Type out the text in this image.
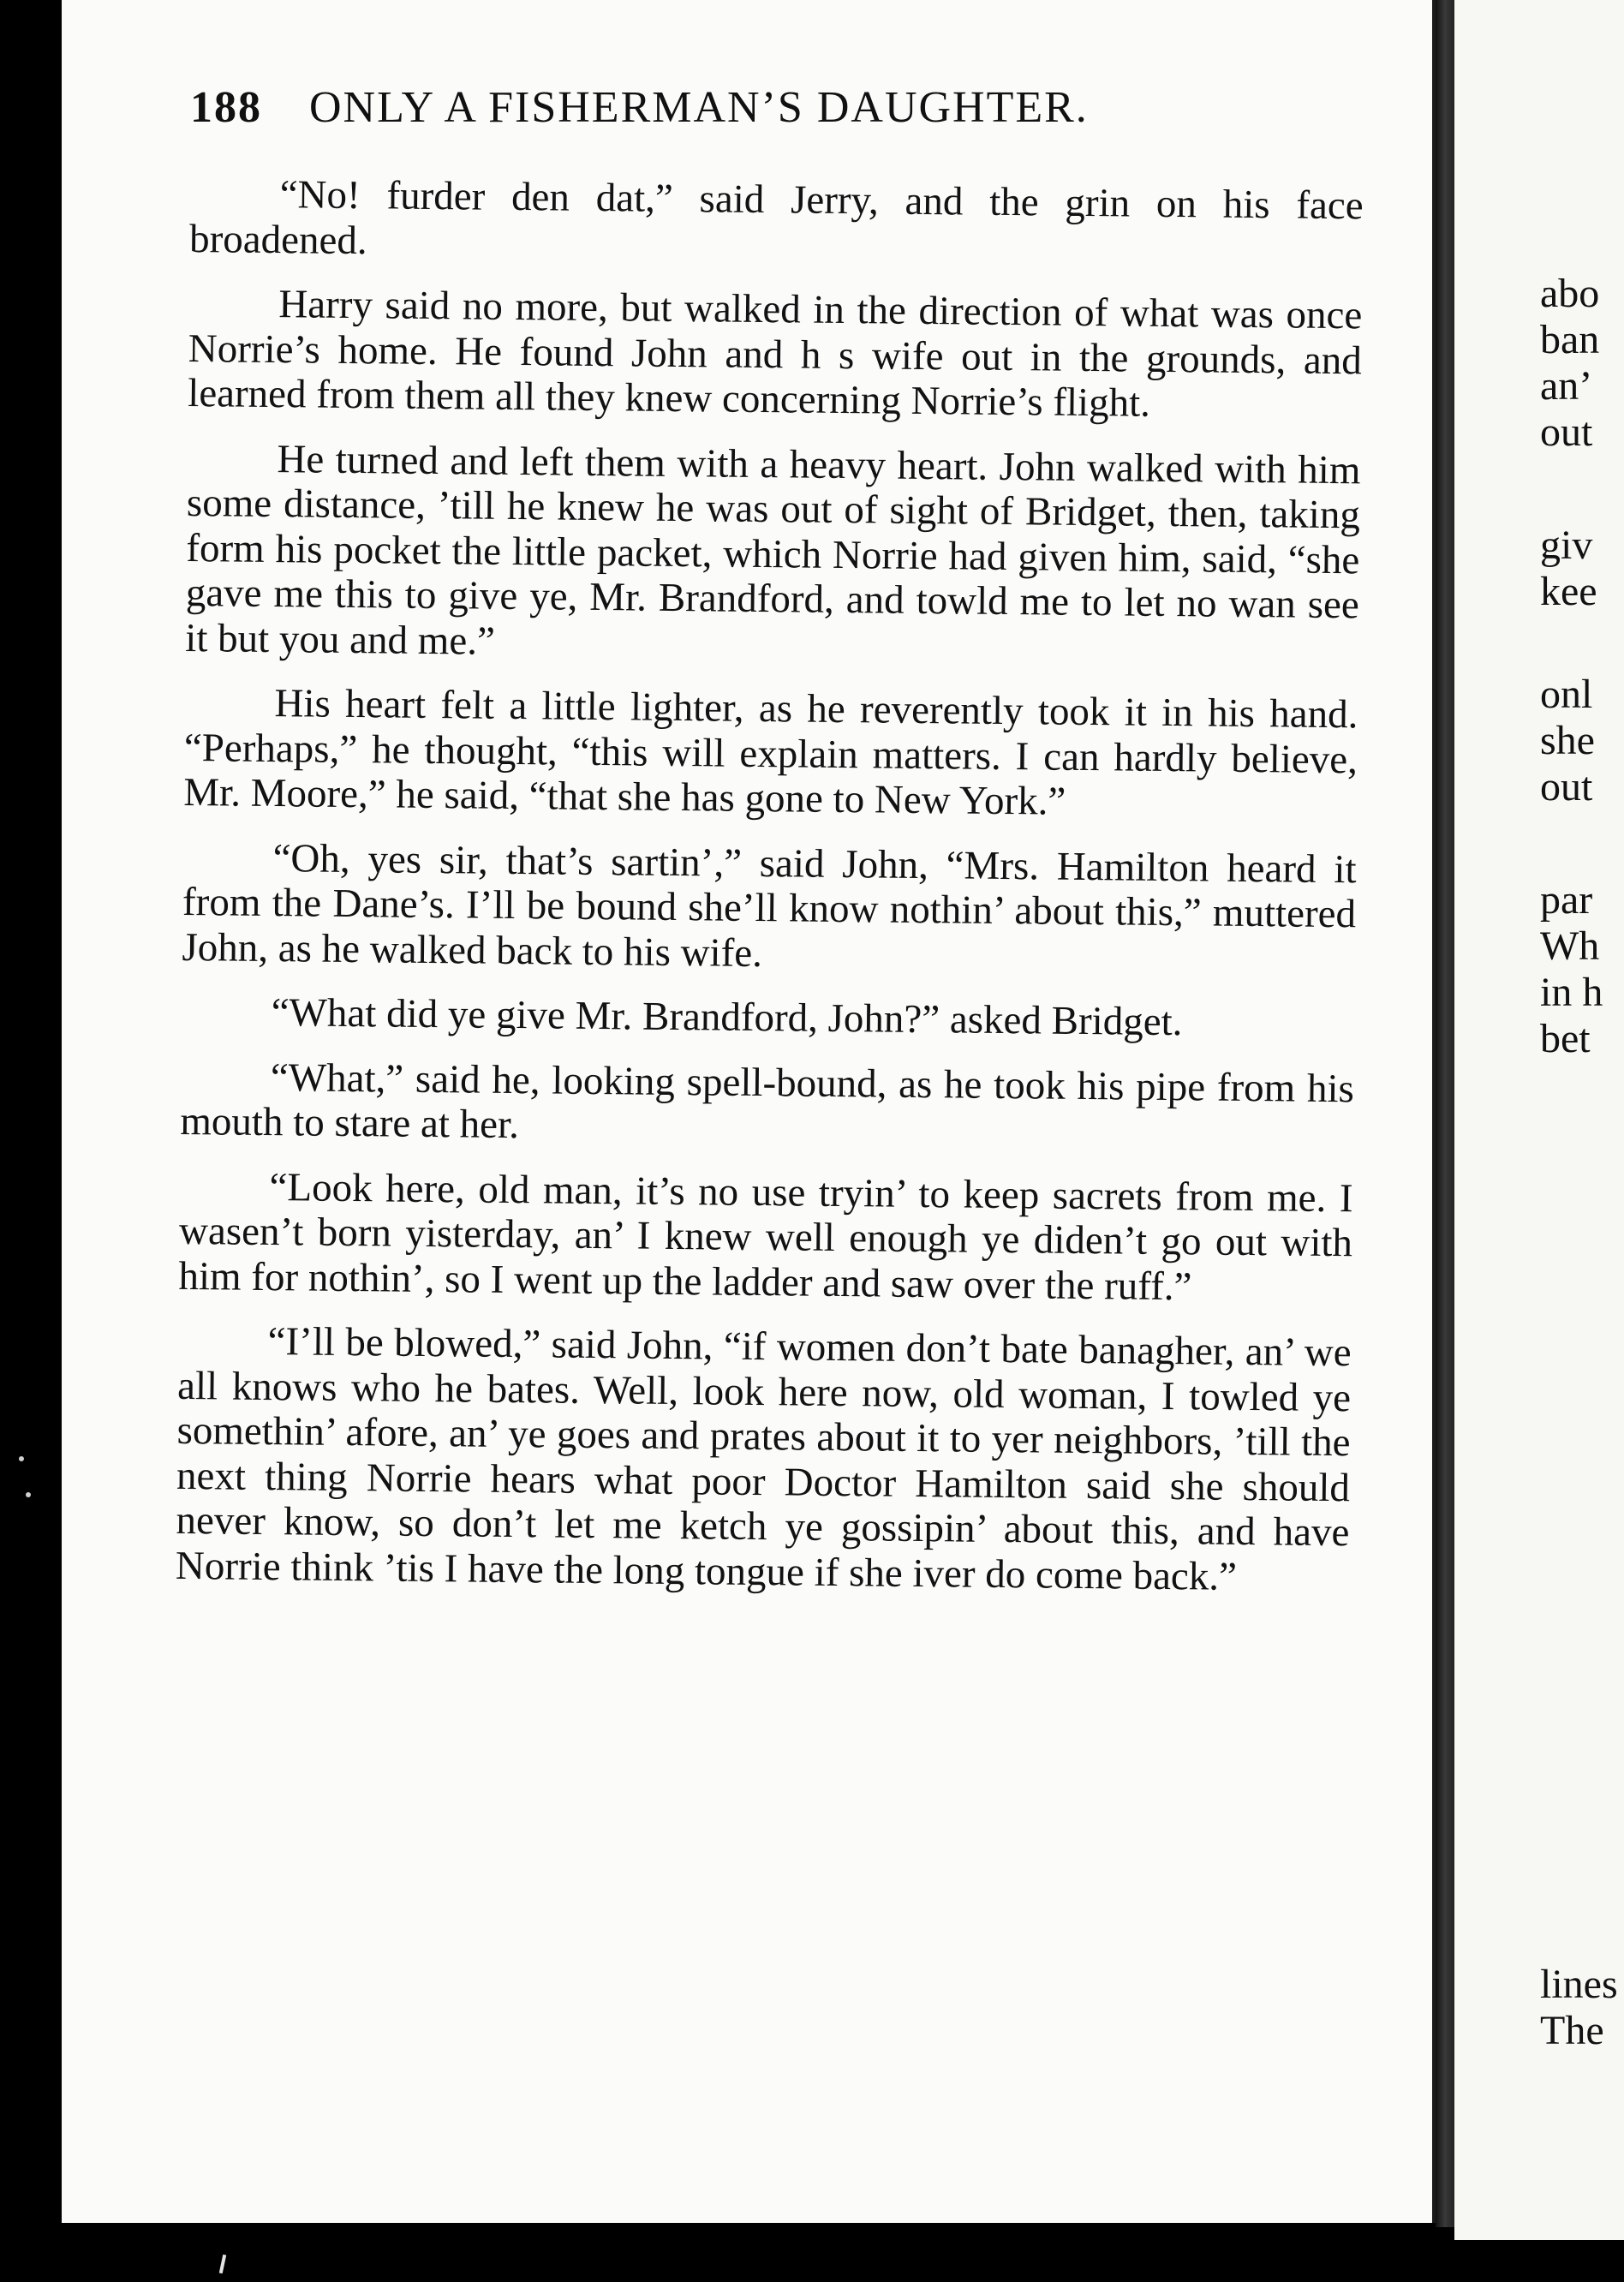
188 ONLY A FISHERMAN’S DAUGHTER.

“No! furder den dat,” said Jerry, and the grin on his face broadened.

Harry said no more, but walked in the direction of what was once Norrie’s home. He found John and h s wife out in the grounds, and learned from them all they knew concerning Norrie’s flight.

He turned and left them with a heavy heart. John walked with him some distance, ’till he knew he was out of sight of Bridget, then, taking form his pocket the little packet, which Norrie had given him, said, “she gave me this to give ye, Mr. Brandford, and towld me to let no wan see it but you and me.”

His heart felt a little lighter, as he reverently took it in his hand. “Perhaps,” he thought, “this will explain matters. I can hardly believe, Mr. Moore,” he said, “that she has gone to New York.”

“Oh, yes sir, that’s sartin’,” said John, “Mrs. Hamilton heard it from the Dane’s. I’ll be bound she’ll know nothin’ about this,” muttered John, as he walked back to his wife.

“What did ye give Mr. Brandford, John?” asked Bridget.

“What,” said he, looking spell-bound, as he took his pipe from his mouth to stare at her.

“Look here, old man, it’s no use tryin’ to keep sacrets from me. I wasen’t born yisterday, an’ I knew well enough ye diden’t go out with him for nothin’, so I went up the ladder and saw over the ruff.”

“I’ll be blowed,” said John, “if women don’t bate banagher, an’ we all knows who he bates. Well, look here now, old woman, I towled ye somethin’ afore, an’ ye goes and prates about it to yer neighbors, ’till the next thing Norrie hears what poor Doctor Hamilton said she should never know, so don’t let me ketch ye gossipin’ about this, and have Norrie think ’tis I have the long tongue if she iver do come back.”

abo
ban
an’
out
giv
kee
onl
she
out
par
Wh
in h
bet
lines
The
